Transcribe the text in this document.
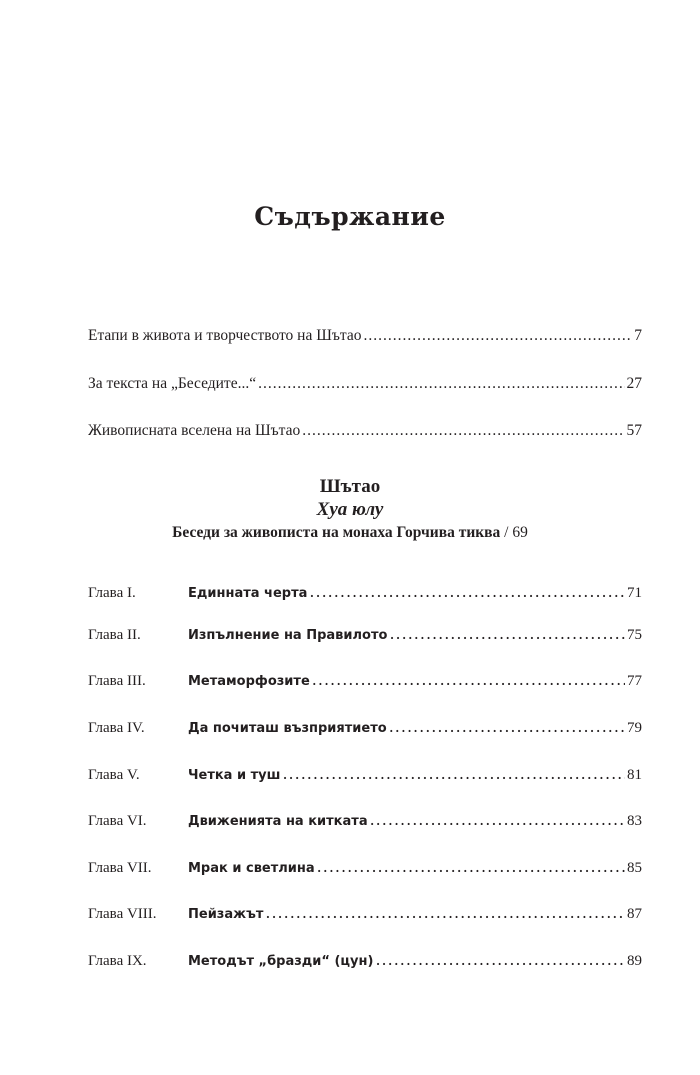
Съдържание
Етапи в живота и творчеството на Шътао .....	7
За текста на „Беседите...“ .....	27
Живописната вселена на Шътао .....	57
Шътао
Хуа юлу
Беседи за живописта на монаха Горчива тиква / 69
Глава I.	Единната черта .....	71
Глава II.	Изпълнение на Правилото .....	75
Глава III.	Метаморфозите .....	77
Глава IV.	Да почиташ възприятието .....	79
Глава V.	Четка и туш .....	81
Глава VI.	Движенията на китката .....	83
Глава VII.	Мрак и светлина .....	85
Глава VIII.	Пейзажът .....	87
Глава IX.	Методът „бразди“ (цун) .....	89
